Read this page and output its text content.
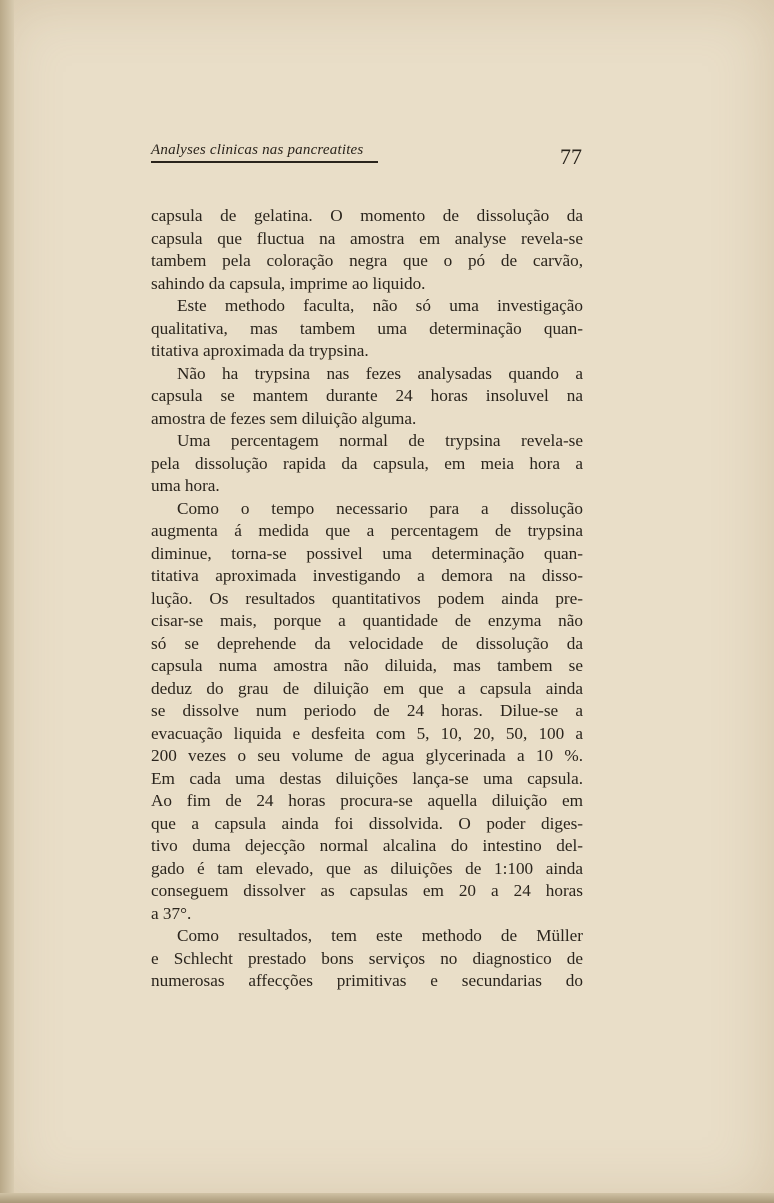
Analyses clinicas nas pancreatites	77
capsula de gelatina. O momento de dissolução da
capsula que fluctua na amostra em analyse revela-se
tambem pela coloração negra que o pó de carvão,
sahindo da capsula, imprime ao liquido.
Este methodo faculta, não só uma investigação
qualitativa, mas tambem uma determinação quan-
titativa aproximada da trypsina.
Não ha trypsina nas fezes analysadas quando a
capsula se mantem durante 24 horas insoluvel na
amostra de fezes sem diluição alguma.
Uma percentagem normal de trypsina revela-se
pela dissolução rapida da capsula, em meia hora a
uma hora.
Como o tempo necessario para a dissolução
augmenta á medida que a percentagem de trypsina
diminue, torna-se possivel uma determinação quan-
titativa aproximada investigando a demora na disso-
lução. Os resultados quantitativos podem ainda pre-
cisar-se mais, porque a quantidade de enzyma não
só se deprehende da velocidade de dissolução da
capsula numa amostra não diluida, mas tambem se
deduz do grau de diluição em que a capsula ainda
se dissolve num periodo de 24 horas. Dilue-se a
evacuação liquida e desfeita com 5, 10, 20, 50, 100 a
200 vezes o seu volume de agua glycerinada a 10 %.
Em cada uma destas diluições lança-se uma capsula.
Ao fim de 24 horas procura-se aquella diluição em
que a capsula ainda foi dissolvida. O poder diges-
tivo duma dejecção normal alcalina do intestino del-
gado é tam elevado, que as diluições de 1:100 ainda
conseguem dissolver as capsulas em 20 a 24 horas
a 37°.
Como resultados, tem este methodo de Müller
e Schlecht prestado bons serviços no diagnostico de
numerosas affecções primitivas e secundarias do
